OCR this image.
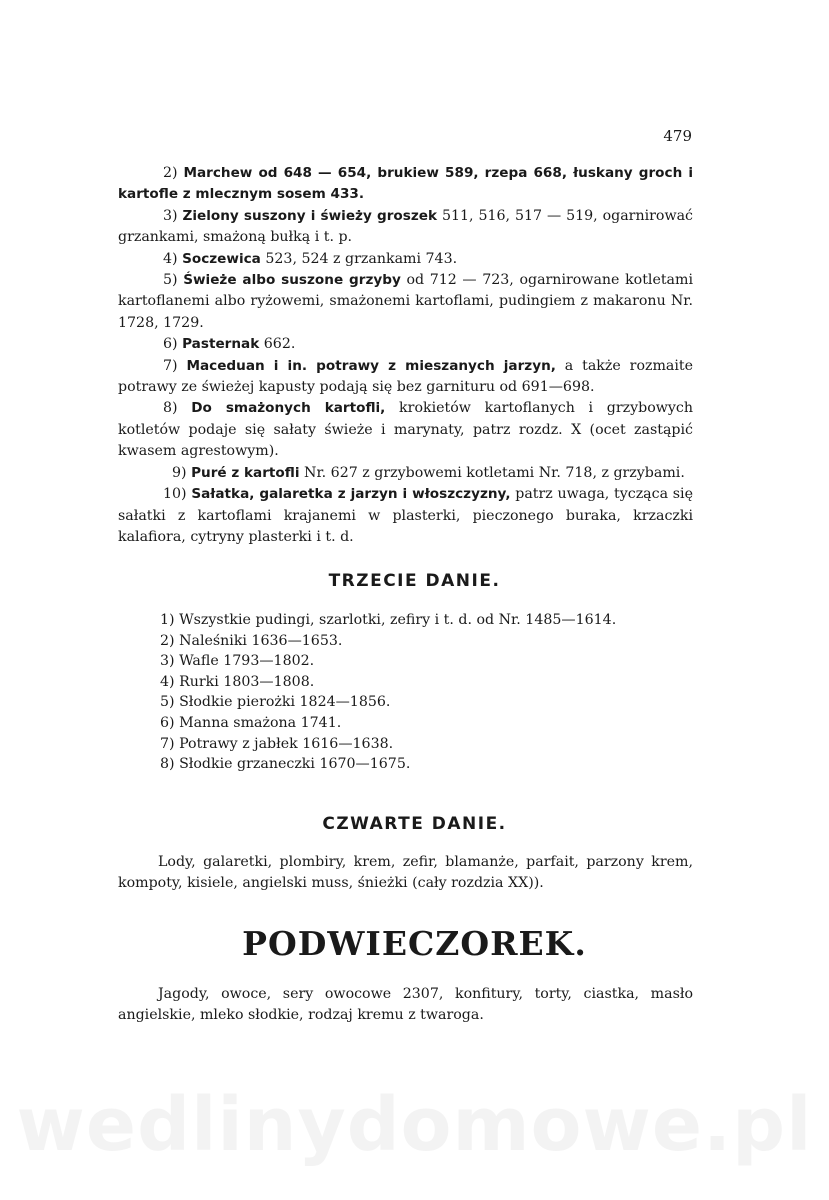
479

2) Marchew od 648 — 654, brukiew 589, rzepa 668, łuskany groch i kartofle z mlecznym sosem 433.

3) Zielony suszony i świeży groszek 511, 516, 517 — 519, ogarnirować grzankami, smażoną bułką i t. p.

4) Soczewica 523, 524 z grzankami 743.

5) Świeże albo suszone grzyby od 712 — 723, ogarnirowane kotletami kartoflanemi albo ryżowemi, smażonemi kartoflami, pudingiem z makaronu Nr. 1728, 1729.

6) Pasternak 662.

7) Maceduan i in. potrawy z mieszanych jarzyn, a także rozmaite potrawy ze świeżej kapusty podają się bez garnituru od 691—698.

8) Do smażonych kartofli, krokietów kartoflanych i grzybowych kotletów podaje się sałaty świeże i marynaty, patrz rozdz. X (ocet zastąpić kwasem agrestowym).

9) Puré z kartofli Nr. 627 z grzybowemi kotletami Nr. 718, z grzybami.

10) Sałatka, galaretka z jarzyn i włoszczyzny, patrz uwaga, tycząca się sałatki z kartoflami krajanemi w plasterki, pieczonego buraka, krzaczki kalafiora, cytryny plasterki i t. d.

TRZECIE DANIE.
1) Wszystkie pudingi, szarlotki, zefiry i t. d. od Nr. 1485—1614.
2) Naleśniki 1636—1653.
3) Wafle 1793—1802.
4) Rurki 1803—1808.
5) Słodkie pierożki 1824—1856.
6) Manna smażona 1741.
7) Potrawy z jabłek 1616—1638.
8) Słodkie grzaneczki 1670—1675.
CZWARTE DANIE.

Lody, galaretki, plombiry, krem, zefir, blamanże, parfait, parzony krem, kompoty, kisiele, angielski muss, śnieżki (cały rozdzia XX)).

PODWIECZOREK.

Jagody, owoce, sery owocowe 2307, konfitury, torty, ciastka, masło angielskie, mleko słodkie, rodzaj kremu z twaroga.

wedlinydomowe.pl
